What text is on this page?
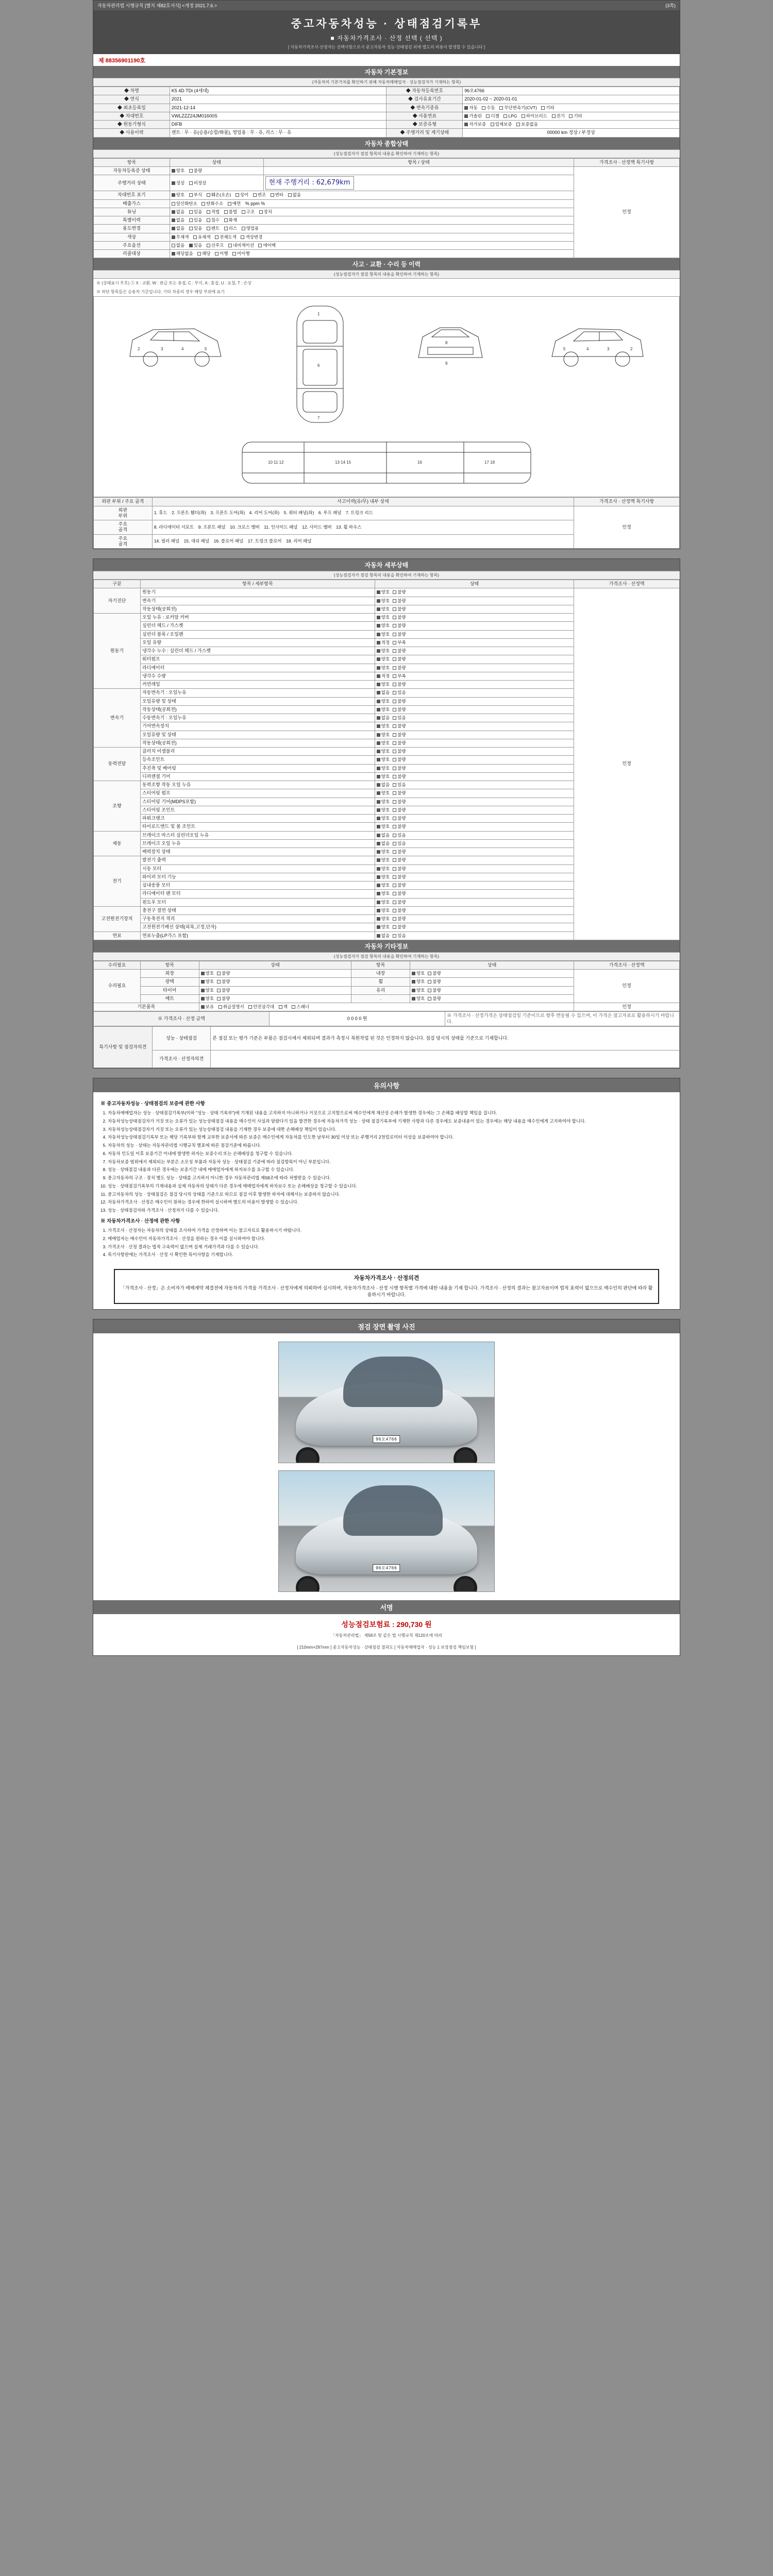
자동차관리법 시행규칙 [별지 제82호서식] <개정 2021.7.6.>	(3쪽)
중고자동차성능 · 상태점검기록부
■ 자동차가격조사 · 산정 선택 ( 선택 )
[ 자동차가격조사·산정자는 선택사항으로서 중고자동차 성능·상태점검 외에 별도의 비용이 발생할 수 있습니다 ]
제 88356901190호
자동차 기본정보
(자동차의 기본가치를 확인하기 위해 자동차매매업자 · 성능점검자가 기재하는 항목)
◆ 차명	K5 4D TDi (4세대)	◆ 자동차등록번호	96오4766
◆ 연식	2021	◆ 검사유효기간	2020-01-02 ~ 2020-01-01
◆ 최초등록일	2021-12-14	◆ 변속기종류	자동 수동 무단변속기(CVT) 기타
◆ 차대번호	VWLZZZ24JM01600S	◆ 사용연료	가솔린 디젤 LPG 하이브리드 전기 기타
◆ 원동기형식	DIFB	◆ 보증유형	자가보증 업체보증 보증없음
◆ 사용이력	렌트 : 무 · 유(승용/승합/화물), 영업용 : 무 · 유, 리스 : 무 · 유	◆ 주행거리 및 계기상태	00000 km 정상 / 부정상
자동차 종합상태
(성능점검자가 점검 항목의 내용을 확인하여 기재하는 항목)
항목	상태	항목 / 상태	가격조사 · 산정액 특기사항
자동차등록증 상태	양호 불량		인정
주행거리 상태	정상 비정상	현재 주행거리 : 62,679km	
차대번호 표기	양호 부식 훼손(오손) 상이 변조 변타 없음		
배출가스	일산화탄소 탄화수소 매연 % ppm %		
튜닝	없음 있음 적법 불법 구조 장치		
특별이력	없음 있음 침수 화재		
용도변경	없음 있음 렌트 리스 영업용		
색상	무채색 유채색 전체도색 색상변경		
주요옵션	없음 있음 선루프 내비게이션 에어백		
리콜대상	해당없음 해당 이행 미이행		
사고 · 교환 · 수리 등 이력
(성능점검자가 점검 항목의 내용을 확인하여 기재하는 항목)
※ (상태표시 부호) ① X : 교환, W : 판금 또는 용접, C : 부식, A : 흠집, U : 요철, T : 손상
※ 하단 항목들은 승용차 기준입니다. 기타 차종의 경우 해당 부위에 표기
2	3	4	5
1
6
7
8
9
2
3
4
5
10 11 12	13 14 15	16	17 18
외판 부위 / 주요 골격	사고이력(유/무) 내부 상세	가격조사 · 산정액 특기사항
외판
부위	1. 후드 2. 프론트 휀더(좌) 3. 프론트 도어(좌) 4. 리어 도어(좌) 5. 쿼터 패널(좌) 6. 루프 패널 7. 트렁크 리드	인정
주요
골격	8. 라디에이터 서포트 9. 프론트 패널 10. 크로스 멤버 11. 인사이드 패널 12. 사이드 멤버 13. 휠 하우스	
주요
골격	14. 필러 패널 15. 대쉬 패널 16. 플로어 패널 17. 트렁크 플로어 18. 리어 패널	
자동차 세부상태
(성능점검자가 점검 항목의 내용을 확인하여 기재하는 항목)
구분	항목 / 세부항목	상태	가격조사 · 산정액
자기진단	원동기	양호 불량	인정
	변속기	양호 불량	
	작동상태(공회전)	양호 불량	
원동기	오일 누유 : 로커암 커버	양호 불량	
	실린더 헤드 / 가스켓	양호 불량	
	실린더 블록 / 오일팬	양호 불량	
	오일 유량	적정 부족	
	냉각수 누수 : 실린더 헤드 / 가스켓	양호 불량	
	워터펌프	양호 불량	
	라디에이터	양호 불량	
	냉각수 수량	적정 부족	
	커먼레일	양호 불량	
변속기	자동변속기 : 오일누유	없음 있음	
	오일유량 및 상태	양호 불량	
	작동상태(공회전)	양호 불량	
	수동변속기 : 오일누유	없음 있음	
	기어변속장치	양호 불량	
	오일유량 및 상태	양호 불량	
	작동상태(공회전)	양호 불량	
동력전달	클러치 어셈블리	양호 불량	
	등속조인트	양호 불량	
	추진축 및 베어링	양호 불량	
	디퍼렌셜 기어	양호 불량	
조향	동력조향 작동 오일 누유	없음 있음	
	스티어링 펌프	양호 불량	
	스티어링 기어(MDPS포함)	양호 불량	
	스티어링 조인트	양호 불량	
	파워크랭크	양호 불량	
	타이로드엔드 및 볼 조인트	양호 불량	
제동	브레이크 마스터 실린더오일 누유	없음 있음	
	브레이크 오일 누유	없음 있음	
	배력장치 상태	양호 불량	
전기	발전기 출력	양호 불량	
	시동 모터	양호 불량	
	와이퍼 모터 기능	양호 불량	
	실내송풍 모터	양호 불량	
	라디에이터 팬 모터	양호 불량	
	윈도우 모터	양호 불량	
고전원전기장치	충전구 절연 상태	양호 불량	
	구동축전지 격리	양호 불량	
	고전원전기배선 상태(피복,고정,단자)	양호 불량	
연료	연료누출(LP가스 포함)	없음 있음	
자동차 기타정보
(성능점검자가 점검 항목의 내용을 확인하여 기재하는 항목)
수리필요	항목	상태	항목	상태	가격조사 · 산정액
수리필요	외장	양호 불량	내장	양호 불량	인정
	광택	양호 불량	휠	양호 불량	
	타이어	양호 불량	유리	양호 불량	
	매트	양호 불량	.	양호 불량	
기본품목		보유 취급설명서 안전삼각대 잭 스패너			인정
※ 가격조사 · 산정 금액	0 0 0 0 원	※ 가격조사 · 산정가격은 상태점검일 기준이므로 향후 변동될 수 있으며, 이 가격은 참고자료로 활용하시기 바랍니다.
특기사항 및 점검자의견	성능 · 상태점검	본 점검 또는 평가 기준은 부품은 점검시에서 제외되며 결과가 측정시 복원작업 된 것은 인정하지 않습니다. 점검 당시의 상태를 기준으로 기재합니다.
	가격조사 · 산정자의견	
유의사항
※ 중고자동차성능 · 상태점검의 보증에 관한 사항
1. 자동차매매업자는 성능 · 상태점검기록부(이하 "성능 · 상태 기록부")에 기재된 내용을 고지하지 아니하거나 거짓으로 고지함으로써 매수인에게 재산상 손해가 발생한 경우에는 그 손해를 배상할 책임을 집니다.
2. 자동차성능상태점검자가 거짓 또는 오류가 있는 성능상태점검 내용을 매수인이 사실과 달랐다기 있음 발견한 경우에 자동차가격 성능 · 상태 점검기록부에 기재한 사항과 다른 경우에도 보증내용이 있는 경우에는 해당 내용을 매수인에게 고지하여야 합니다.
3. 자동차성능상태점검자가 거짓 또는 오류가 있는 성능상태점검 내용을 기재한 경우 보증에 대한 손해배상 책임이 있습니다.
4. 자동차성능상태점검기록부 또는 해당 기록부와 함께 교부한 보증서에 따른 보증은 매수인에게 자동차를 인도한 날부터 30일 이상 또는 주행거리 2천킬로미터 이상을 보증하여야 합니다.
5. 자동차의 성능 · 상태는 자동차관리법 시행규칙 별표에 따른 점검기준에 따릅니다.
6. 자동차 인도일 이후 보증기간 이내에 발생한 하자는 보증수리 또는 손해배상을 청구할 수 있습니다.
7. 자동차보증 범위에서 제외되는 부분은 소모성 부품과 자동차 성능 · 상태점검 기준에 따라 점검항목이 아닌 부분입니다.
8. 성능 · 상태점검 내용과 다른 경우에는 보증기간 내에 매매업자에게 하자보수를 요구할 수 있습니다.
9. 중고자동차의 구조 · 장치 별도 성능 · 상태를 고지하지 아니한 경우 자동차관리법 제58조에 따라 처벌받을 수 있습니다.
10. 성능 · 상태점검기록부의 기재내용과 실제 자동차의 상태가 다른 경우에 매매업자에게 하자보수 또는 손해배상을 청구할 수 있습니다.
11. 중고자동차의 성능 · 상태점검은 점검 당시의 상태를 기준으로 하므로 점검 이후 발생한 하자에 대해서는 보증하지 않습니다.
12. 자동차가격조사 · 산정은 매수인이 원하는 경우에 한하여 실시하며 별도의 비용이 발생할 수 있습니다.
13. 성능 · 상태점검자와 가격조사 · 산정자가 다를 수 있습니다.
※ 자동차가격조사 · 산정에 관한 사항
1. 가격조사 · 산정자는 자동차의 상태를 조사하여 가격을 산정하며 이는 참고자료로 활용하시기 바랍니다.
2. 매매업자는 매수인이 자동차가격조사 · 산정을 원하는 경우 이를 실시하여야 합니다.
3. 가격조사 · 산정 결과는 법적 구속력이 없으며 실제 거래가격과 다를 수 있습니다.
4. 특기사항란에는 가격조사 · 산정 시 확인한 특이사항을 기재합니다.
자동차가격조사 · 산정의견
「가격조사 · 산정」은 소비자가 매매계약 체결전에 자동차의 가격을 가격조사 · 산정자에게 의뢰하여 실시하며, 자동차가격조사 · 산정 시행 항목별 가격에 대한 내용을 기재 합니다. 가격조사 · 산정의 결과는 참고자료이며 법적 효력이 없으므로 매수인의 판단에 따라 활용하시기 바랍니다.
점검 장면 촬영 사진
96오4766
96오4766
서명
성능점검보험료 : 290,730 원
「자동차관리법」 제58조 및 같은 법 시행규칙 제120조에 따라
[ 210mm×297mm ] 중고자동차성능 · 상태점검 결과도 [ 자동차매매업자 · 성능 1 보장점검 책임보험 ]
